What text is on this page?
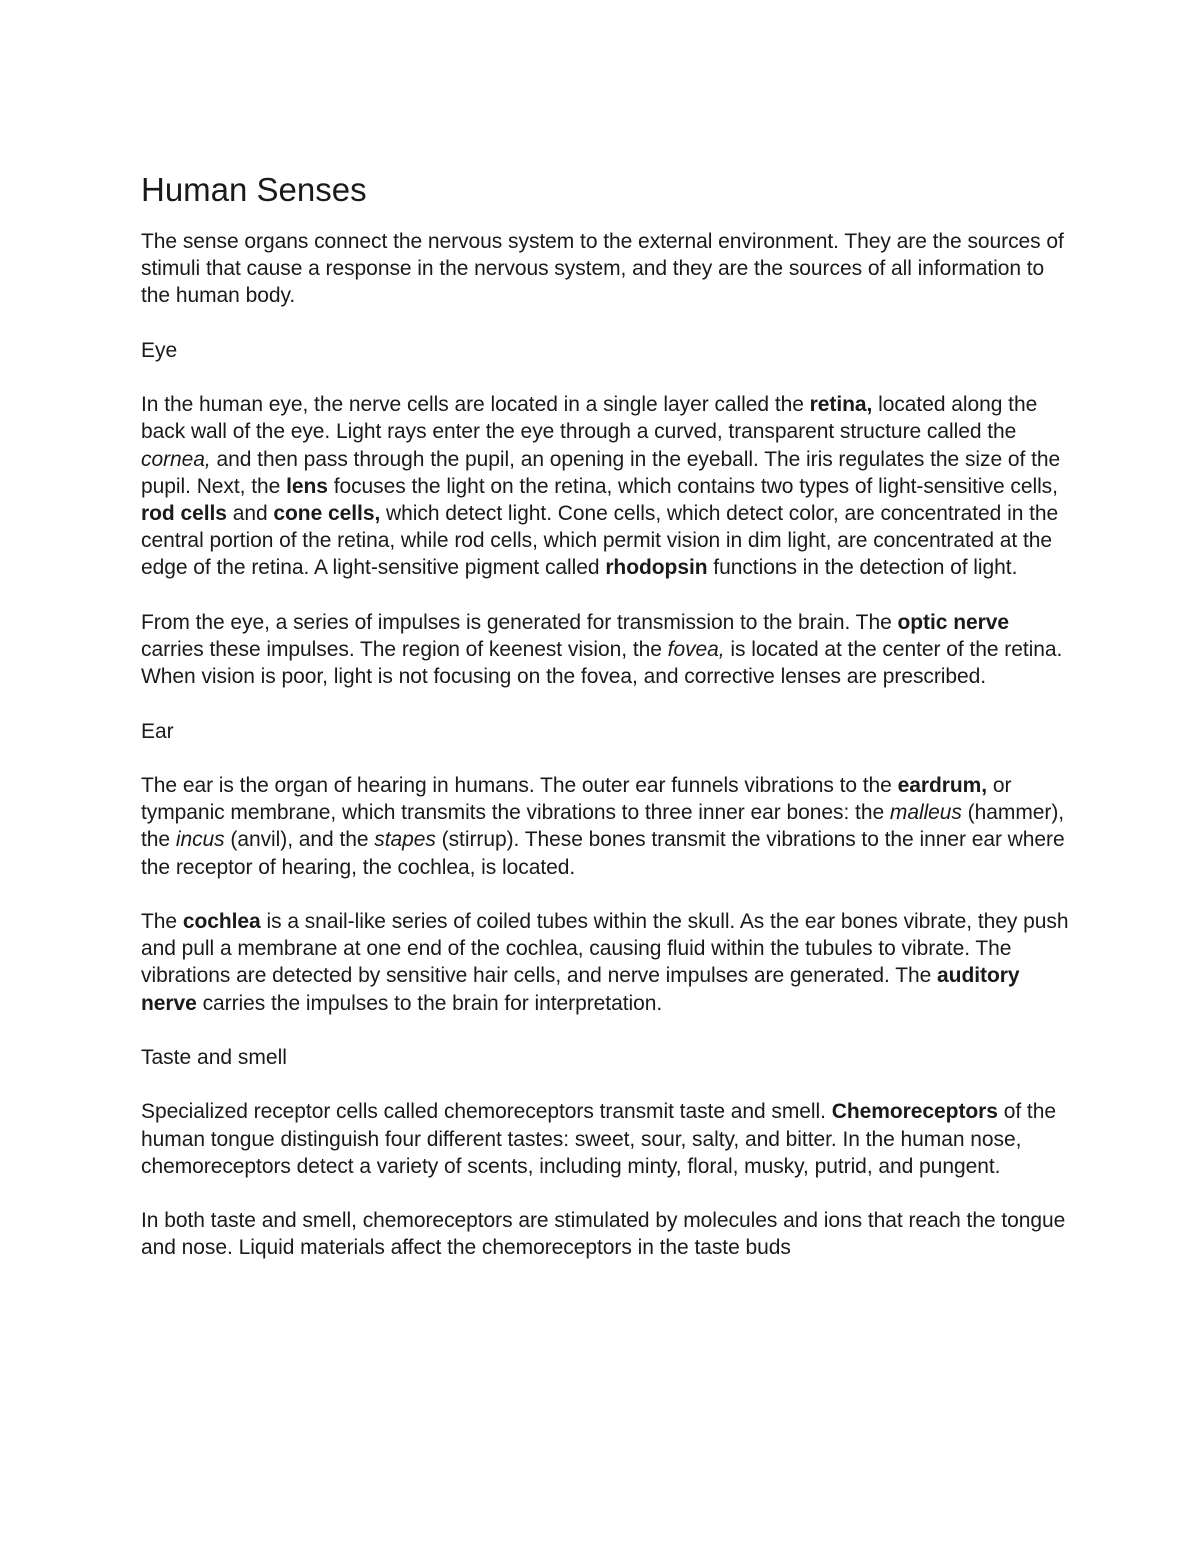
Human Senses

The sense organs connect the nervous system to the external environment. They are the sources of stimuli that cause a response in the nervous system, and they are the sources of all information to the human body.

Eye

In the human eye, the nerve cells are located in a single layer called the retina, located along the back wall of the eye. Light rays enter the eye through a curved, transparent structure called the cornea, and then pass through the pupil, an opening in the eyeball. The iris regulates the size of the pupil. Next, the lens focuses the light on the retina, which contains two types of light-sensitive cells, rod cells and cone cells, which detect light. Cone cells, which detect color, are concentrated in the central portion of the retina, while rod cells, which permit vision in dim light, are concentrated at the edge of the retina. A light-sensitive pigment called rhodopsin functions in the detection of light.

From the eye, a series of impulses is generated for transmission to the brain. The optic nerve carries these impulses. The region of keenest vision, the fovea, is located at the center of the retina. When vision is poor, light is not focusing on the fovea, and corrective lenses are prescribed.

Ear

The ear is the organ of hearing in humans. The outer ear funnels vibrations to the eardrum, or tympanic membrane, which transmits the vibrations to three inner ear bones: the malleus (hammer), the incus (anvil), and the stapes (stirrup). These bones transmit the vibrations to the inner ear where the receptor of hearing, the cochlea, is located.

The cochlea is a snail-like series of coiled tubes within the skull. As the ear bones vibrate, they push and pull a membrane at one end of the cochlea, causing fluid within the tubules to vibrate. The vibrations are detected by sensitive hair cells, and nerve impulses are generated. The auditory nerve carries the impulses to the brain for interpretation.

Taste and smell

Specialized receptor cells called chemoreceptors transmit taste and smell. Chemoreceptors of the human tongue distinguish four different tastes: sweet, sour, salty, and bitter. In the human nose, chemoreceptors detect a variety of scents, including minty, floral, musky, putrid, and pungent.

In both taste and smell, chemoreceptors are stimulated by molecules and ions that reach the tongue and nose. Liquid materials affect the chemoreceptors in the taste buds
